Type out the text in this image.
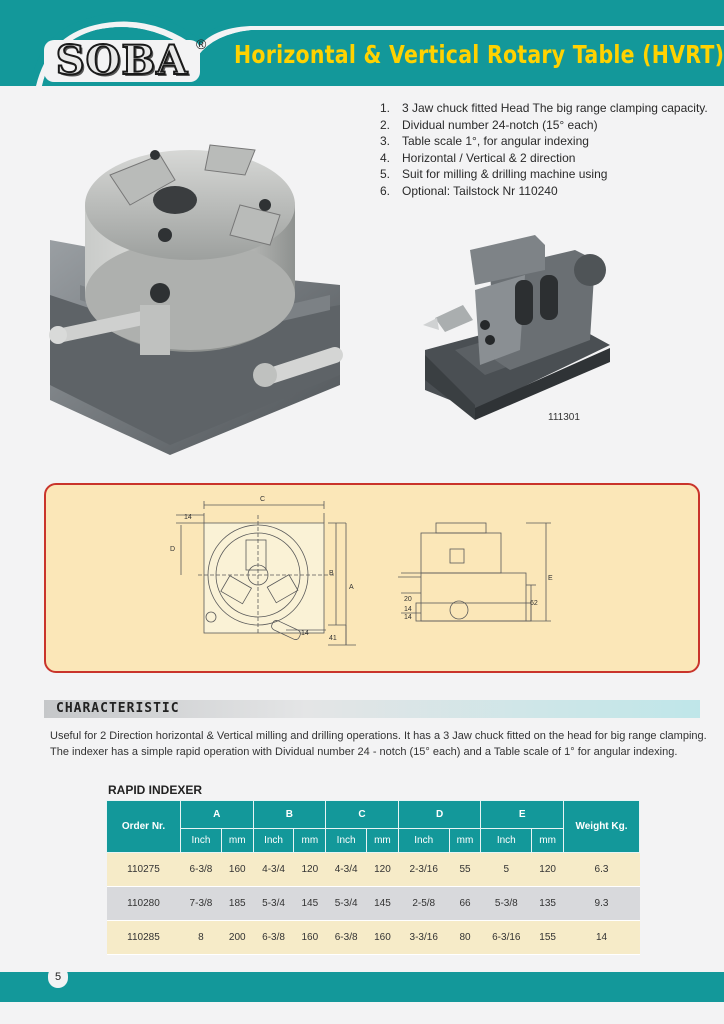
SOBA ® Horizontal & Vertical Rotary Table (HVRT)
1. 3 Jaw chuck fitted Head The big range clamping capacity.
2. Dividual number 24-notch (15° each)
3. Table scale 1°, for angular indexing
4. Horizontal / Vertical & 2 direction
5. Suit for milling & drilling machine using
6. Optional: Tailstock Nr 110240
111301
C
14
D
B
A
14
41
E
20
14
14
62
CHARACTERISTIC
Useful for 2 Direction horizontal & Vertical milling and drilling operations. It has a 3 Jaw chuck fitted on the head for big range clamping.
The indexer has a simple rapid operation with Dividual number 24 - notch (15° each) and a Table scale of 1° for angular indexing.
RAPID INDEXER
Order Nr.	A		B		C		D		E		Weight Kg.
	Inch	mm	Inch	mm	Inch	mm	Inch	mm	Inch	mm	
110275	6-3/8	160	4-3/4	120	4-3/4	120	2-3/16	55	5	120	6.3
110280	7-3/8	185	5-3/4	145	5-3/4	145	2-5/8	66	5-3/8	135	9.3
110285	8	200	6-3/8	160	6-3/8	160	3-3/16	80	6-3/16	155	14
5
